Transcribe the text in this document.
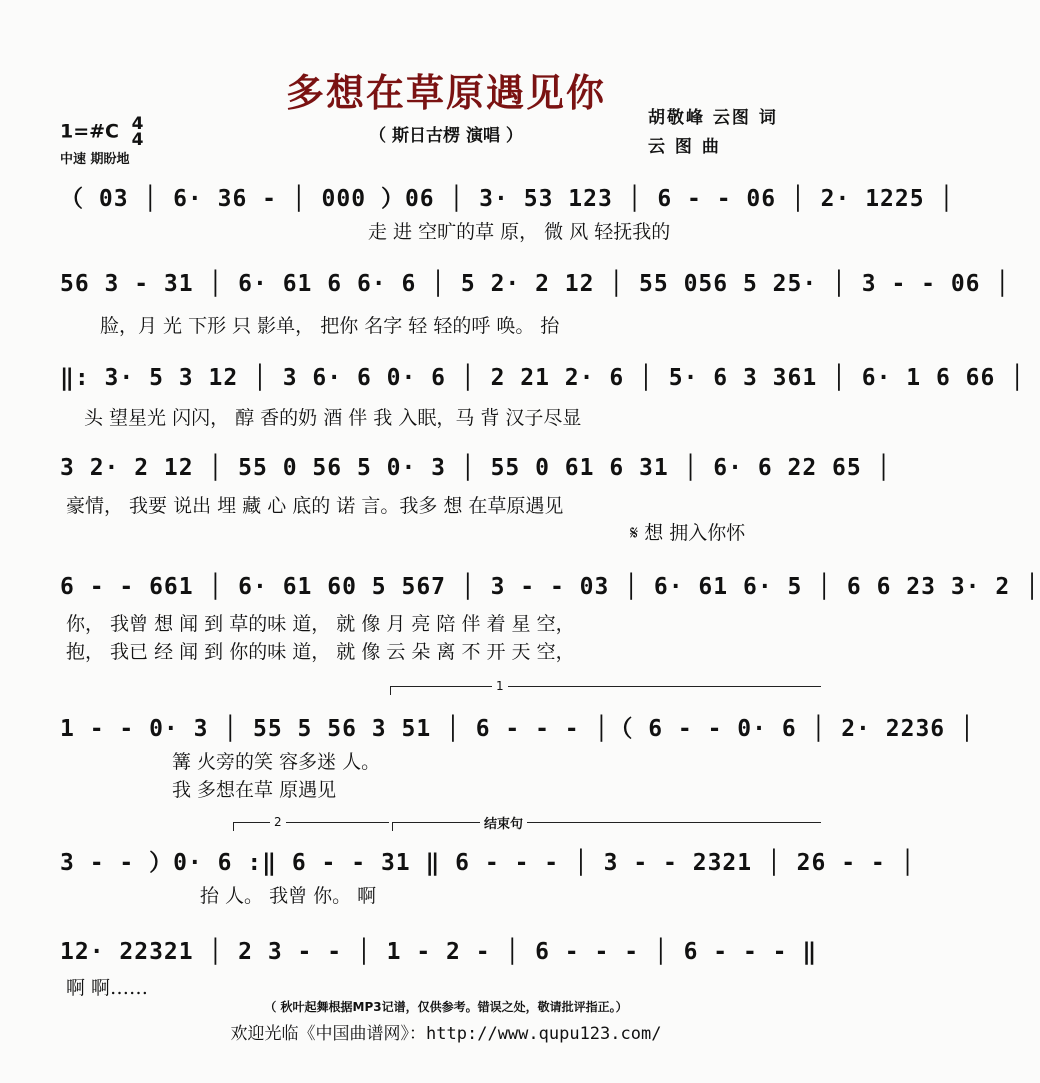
多想在草原遇见你
（ 斯日古楞 演唱 ）
胡敬峰 云图 词
云 图 曲
1=#C 4
4
中速 期盼地
（ 03 │ 6· 36 - │ 000 ）06 │ 3· 53 123 │ 6 - - 06 │ 2· 1225 │
走 进 空旷的草 原， 微 风 轻抚我的
56 3 - 31 │ 6· 61 6 6· 6 │ 5 2· 2 12 │ 55 056 5 25· │ 3 - - 06 │
脸，月 光 下形 只 影单， 把你 名字 轻 轻的呼 唤。 抬
‖: 3· 5 3 12 │ 3 6· 6 0· 6 │ 2 21 2· 6 │ 5· 6 3 361 │ 6· 1 6 66 │
头 望星光 闪闪， 醇 香的奶 酒 伴 我 入眠，马 背 汉子尽显
3 2· 2 12 │ 55 0 56 5 0· 3 │ 55 0 61 6 31 │ 6· 6 22 65 │
豪情， 我要 说出 埋 藏 心 底的 诺 言。我多 想 在草原遇见
𝄋 想 拥入你怀
6 - - 661 │ 6· 61 60 5 567 │ 3 - - 03 │ 6· 61 6· 5 │ 6 6 23 3· 2 │
你， 我曾 想 闻 到 草的味 道， 就 像 月 亮 陪 伴 着 星 空，
抱， 我已 经 闻 到 你的味 道， 就 像 云 朵 离 不 开 天 空，
1
1 - - 0· 3 │ 55 5 56 3 51 │ 6 - - - │（ 6 - - 0· 6 │ 2· 2236 │
篝 火旁的笑 容多迷 人。
我 多想在草 原遇见
2	结束句
3 - - ）0· 6 :‖ 6 - - 31 ‖ 6 - - - │ 3 - - 2321 │ 26 - - │
抬 人。 我曾 你。 啊
12· 22321 │ 2 3 - - │ 1 - 2 - │ 6 - - - │ 6 - - - ‖
啊 啊……
（ 秋叶起舞根据MP3记谱，仅供参考。错误之处，敬请批评指正。）
欢迎光临《中国曲谱网》：http://www.qupu123.com/
